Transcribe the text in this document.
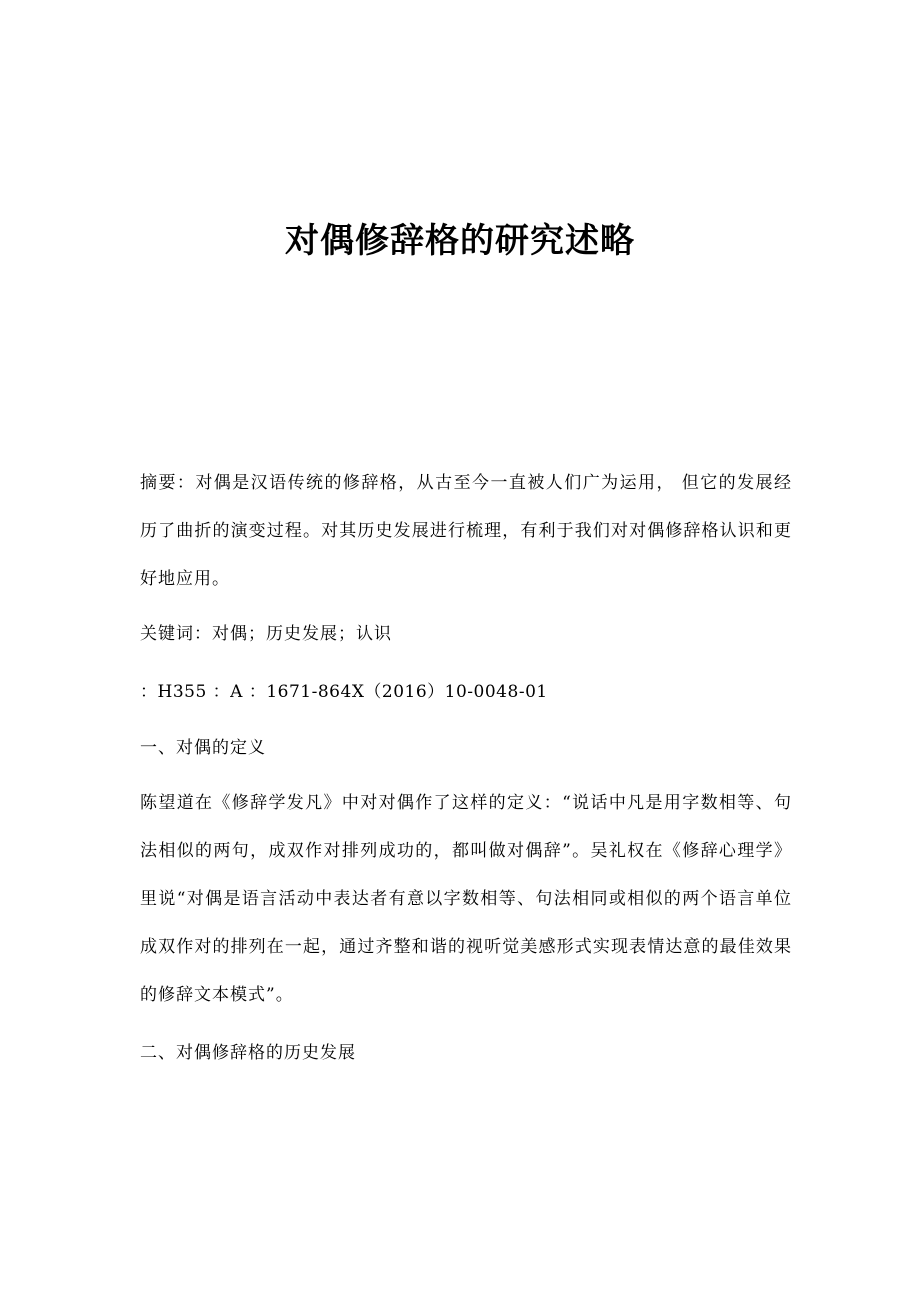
对偶修辞格的研究述略

摘要：对偶是汉语传统的修辞格，从古至今一直被人们广为运用， 但它的发展经历了曲折的演变过程。对其历史发展进行梳理，有利于我们对对偶修辞格认识和更好地应用。

关键词：对偶；历史发展；认识

：H355 ：A ：1671-864X（2016）10-0048-01

一、对偶的定义

陈望道在《修辞学发凡》中对对偶作了这样的定义：“说话中凡是用字数相等、句法相似的两句，成双作对排列成功的，都叫做对偶辞”。吴礼权在《修辞心理学》里说“对偶是语言活动中表达者有意以字数相等、句法相同或相似的两个语言单位成双作对的排列在一起，通过齐整和谐的视听觉美感形式实现表情达意的最佳效果的修辞文本模式”。

二、对偶修辞格的历史发展
